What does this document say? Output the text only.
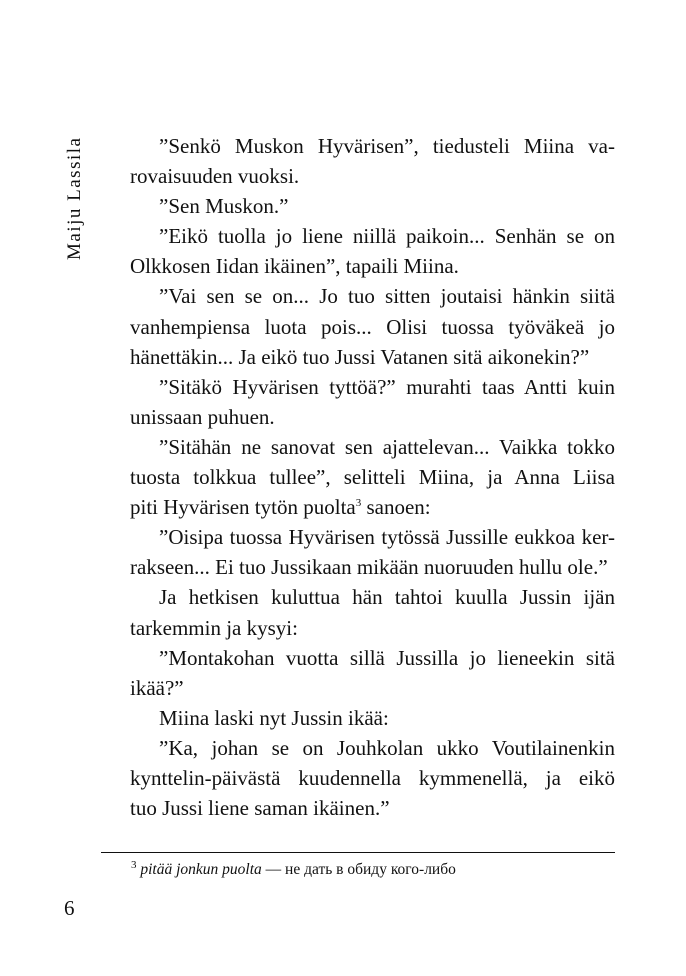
Maiju Lassila	”Senkö Muskon Hyvärisen”, tiedusteli Miina va-
rovaisuuden vuoksi.
”Sen Muskon.”
”Eikö tuolla jo liene niillä paikoin... Senhän se on
Olkkosen Iidan ikäinen”, tapaili Miina.
”Vai sen se on... Jo tuo sitten joutaisi hänkin siitä
vanhempiensa luota pois... Olisi tuossa työväkeä jo
hänettäkin... Ja eikö tuo Jussi Vatanen sitä aikonekin?”
”Sitäkö Hyvärisen tyttöä?” murahti taas Antti kuin
unissaan puhuen.
”Sitähän ne sanovat sen ajattelevan... Vaikka tokko
tuosta tolkkua tullee”, selitteli Miina, ja Anna Liisa
piti Hyvärisen tytön puolta$^3$ sanoen:
”Oisipa tuossa Hyvärisen tytössä Jussille eukkoa ker-
rakseen... Ei tuo Jussikaan mikään nuoruuden hullu ole.”
Ja hetkisen kuluttua hän tahtoi kuulla Jussin ijän
tarkemmin ja kysyi:
”Montakohan vuotta sillä Jussilla jo lieneekin sitä
ikää?”
Miina laski nyt Jussin ikää:
”Ka, johan se on Jouhkolan ukko Voutilainenkin
kynttelin-päivästä kuudennella kymmenellä, ja eikö
tuo Jussi liene saman ikäinen.”
$^3$ pitää jonkun puolta — не дать в обиду кого-либо
6
